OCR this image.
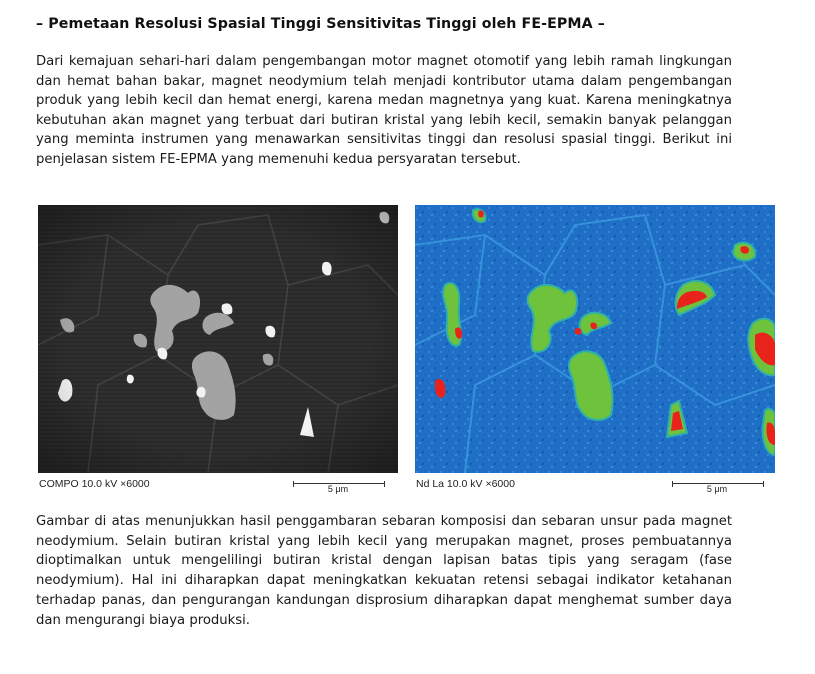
– Pemetaan Resolusi Spasial Tinggi Sensitivitas Tinggi oleh FE-EPMA –

Dari kemajuan sehari-hari dalam pengembangan motor magnet otomotif yang lebih ramah lingkungan dan hemat bahan bakar, magnet neodymium telah menjadi kontributor utama dalam pengembangan produk yang lebih kecil dan hemat energi, karena medan magnetnya yang kuat. Karena meningkatnya kebutuhan akan magnet yang terbuat dari butiran kristal yang lebih kecil, semakin banyak pelanggan yang meminta instrumen yang menawarkan sensitivitas tinggi dan resolusi spasial tinggi. Berikut ini penjelasan sistem FE-EPMA yang memenuhi kedua persyaratan tersebut.

COMPO 10.0 kV ×6000	5 μm	Nd La 10.0 kV ×6000	5 μm

Gambar di atas menunjukkan hasil penggambaran sebaran komposisi dan sebaran unsur pada magnet neodymium. Selain butiran kristal yang lebih kecil yang merupakan magnet, proses pembuatannya dioptimalkan untuk mengelilingi butiran kristal dengan lapisan batas tipis yang seragam (fase neodymium). Hal ini diharapkan dapat meningkatkan kekuatan retensi sebagai indikator ketahanan terhadap panas, dan pengurangan kandungan disprosium diharapkan dapat menghemat sumber daya dan mengurangi biaya produksi.
